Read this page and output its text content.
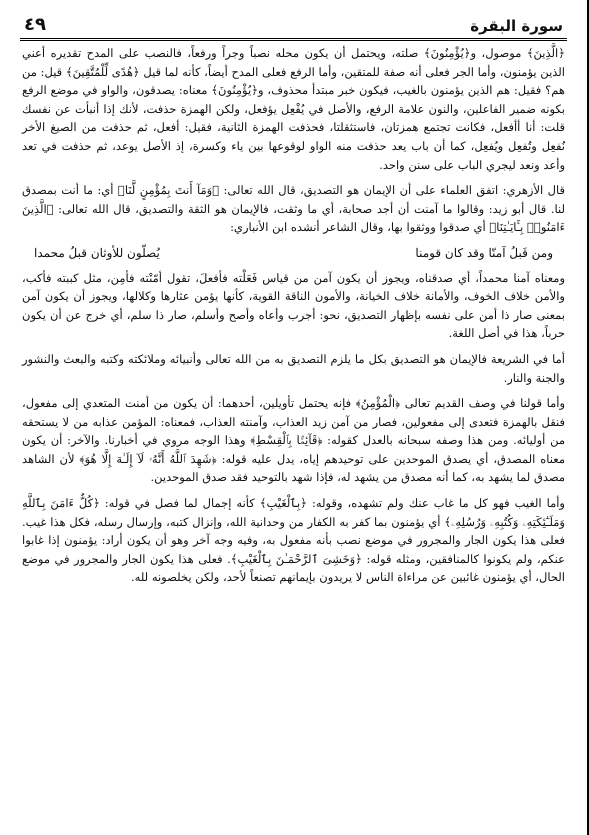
٤٩	سورة البقرة

﴿الَّذِينَ﴾ موصول، و﴿يُؤْمِنُونَ﴾ صلته، ويحتمل أن يكون محله نصباً وجراً ورفعاً، فالنصب على المدح تقديره أعني الذين يؤمنون، وأما الجر فعلى أنه صفة للمتقين، وأما الرفع فعلى المدح أيضاً، كأنه لما قيل ﴿هُدًى لِّلْمُتَّقِينَ﴾ قيل: من هم؟ فقيل: هم الذين يؤمنون بالغيب، فيكون خبر مبتدأ محذوف، و﴿يُؤْمِنُونَ﴾ معناه: يصدقون، والواو في موضع الرفع بكونه ضمير الفاعلين، والنون علامة الرفع، والأصل في يُفْعِل يؤفعل، ولكن الهمزة حذفت، لأنك إذا أنبأت عن نفسك قلت: أنا أأفعل، فكانت تجتمع همزتان، فاستثقلتا، فحذفت الهمزة الثانية، فقيل: أفعل، ثم حذفت من الصيغ الأخر نُفعِل وتُفعِل ويُفعِل، كما أن باب يعد حذفت منه الواو لوقوعها بين ياء وكسرة، إذ الأصل يوعد، ثم حذفت في تعد وأعد ونعد ليجري الباب على سنن واحد.

قال الأزهري: اتفق العلماء على أن الإيمان هو التصديق، قال الله تعالى: ﴿وَمَآ أَنتَ بِمُؤْمِنٍ لَّنَا﴾ أي: ما أنت بمصدق لنا. قال أبو زيد: وقالوا ما آمنت أن أجد صحابة، أي ما وثقت، فالإيمان هو الثقة والتصديق، قال الله تعالى: ﴿الَّذِينَ ءَامَنُوا۟ بِـَٔايَـٰتِنَا﴾ أي صدقوا ووثقوا بها، وقال الشاعر أنشده ابن الأنباري:

ومن قَبلُ آمنّا وقد كان قومنا
يُصلّون للأوثان قبلُ محمدا

ومعناه آمنا محمداً، أي صدقناه، ويجوز أن يكون آمن من قياس فَعَلْته فأفعلَ، تقول أمّنْته فأمِن، مثل كببته فأكب، والأمن خلاف الخوف، والأمانة خلاف الخيانة، والأمون الناقة القوية، كأنها يؤمن عثارها وكلالها، ويجوز أن يكون آمن بمعنى صار ذا أمن على نفسه بإظهار التصديق، نحو: أجرب وأعاه وأصح وأسلم، صار ذا سلم، أي خرج عن أن يكون حرباً، هذا في أصل اللغة.

أما في الشريعة فالإيمان هو التصديق بكل ما يلزم التصديق به من الله تعالى وأنبيائه وملائكته وكتبه والبعث والنشور والجنة والنار.

وأما قولنا في وصف القديم تعالى ﴿الْمُؤْمِنُ﴾ فإنه يحتمل تأويلين، أحدهما: أن يكون من أمنت المتعدي إلى مفعول، فنقل بالهمزة فتعدى إلى مفعولين، فصار من آمن زيد العذاب، وآمنته العذاب، فمعناه: المؤمن عذابه من لا يستحقه من أوليائه. ومن هذا وصفه سبحانه بالعدل كقوله: ﴿قَآئِمًۢا بِٱلْقِسْطِ﴾ وهذا الوجه مروي في أخبارنا. والآخر: أن يكون معناه المصدق، أي يصدق الموحدين على توحيدهم إياه، يدل عليه قوله: ﴿شَهِدَ ٱللَّهُ أَنَّهُۥ لَآ إِلَـٰهَ إِلَّا هُوَ﴾ لأن الشاهد مصدق لما يشهد به، كما أنه مصدق من يشهد له، فإذا شهد بالتوحيد فقد صدق الموحدين.

وأما الغيب فهو كل ما غاب عنك ولم تشهده، وقوله: ﴿بِٱلْغَيْبِ﴾ كأنه إجمال لما فصل في قوله: ﴿كُلٌّ ءَامَنَ بِٱللَّهِ وَمَلَـٰٓئِكَتِهِۦ وَكُتُبِهِۦ وَرُسُلِهِۦ﴾ أي يؤمنون بما كفر به الكفار من وحدانية الله، وإنزال كتبه، وإرسال رسله، فكل هذا غيب. فعلى هذا يكون الجار والمجرور في موضع نصب بأنه مفعول به، وفيه وجه آخر وهو أن يكون أراد: يؤمنون إذا غابوا عنكم، ولم يكونوا كالمنافقين، ومثله قوله: ﴿وَخَشِىَ ٱلرَّحْمَـٰنَ بِٱلْغَيْبِ﴾. فعلى هذا يكون الجار والمجرور في موضع الحال، أي يؤمنون غائبين عن مراءاة الناس لا يريدون بإيمانهم تصنعاً لأحد، ولكن يخلصونه لله.
